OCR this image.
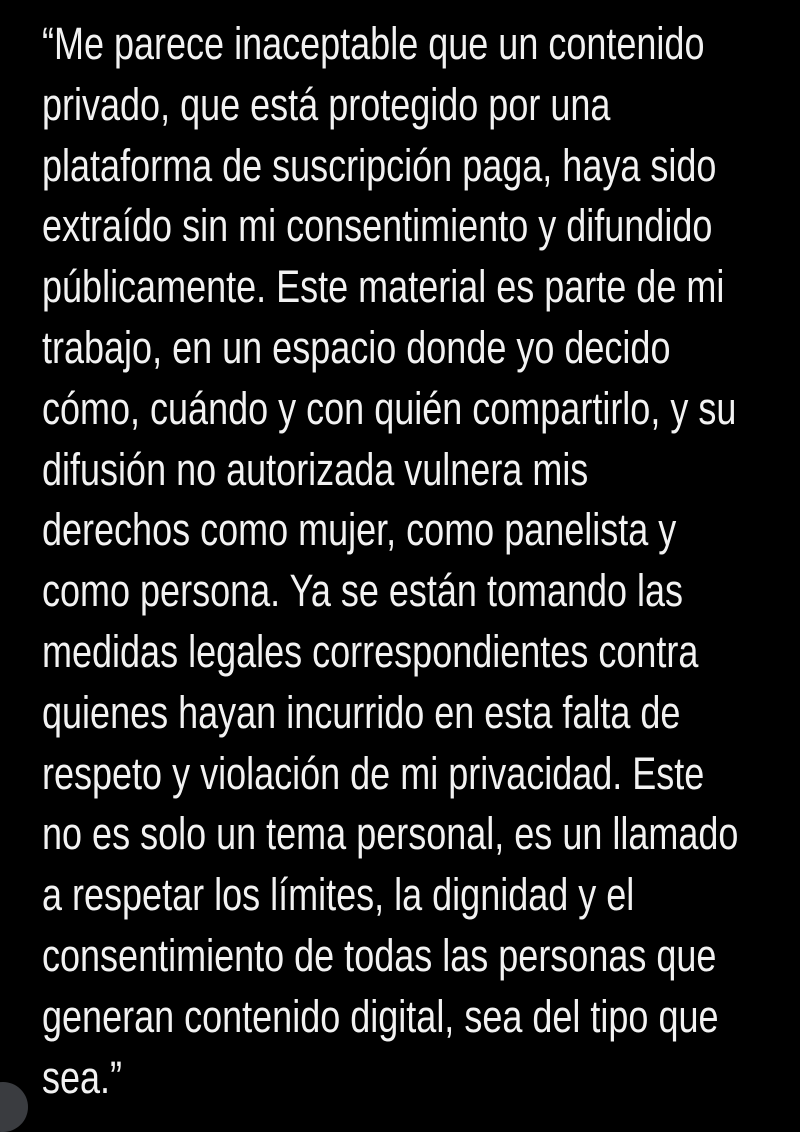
“Me parece inaceptable que un contenido
privado, que está protegido por una
plataforma de suscripción paga, haya sido
extraído sin mi consentimiento y difundido
públicamente. Este material es parte de mi
trabajo, en un espacio donde yo decido
cómo, cuándo y con quién compartirlo, y su
difusión no autorizada vulnera mis
derechos como mujer, como panelista y
como persona. Ya se están tomando las
medidas legales correspondientes contra
quienes hayan incurrido en esta falta de
respeto y violación de mi privacidad. Este
no es solo un tema personal, es un llamado
a respetar los límites, la dignidad y el
consentimiento de todas las personas que
generan contenido digital, sea del tipo que
sea.”
